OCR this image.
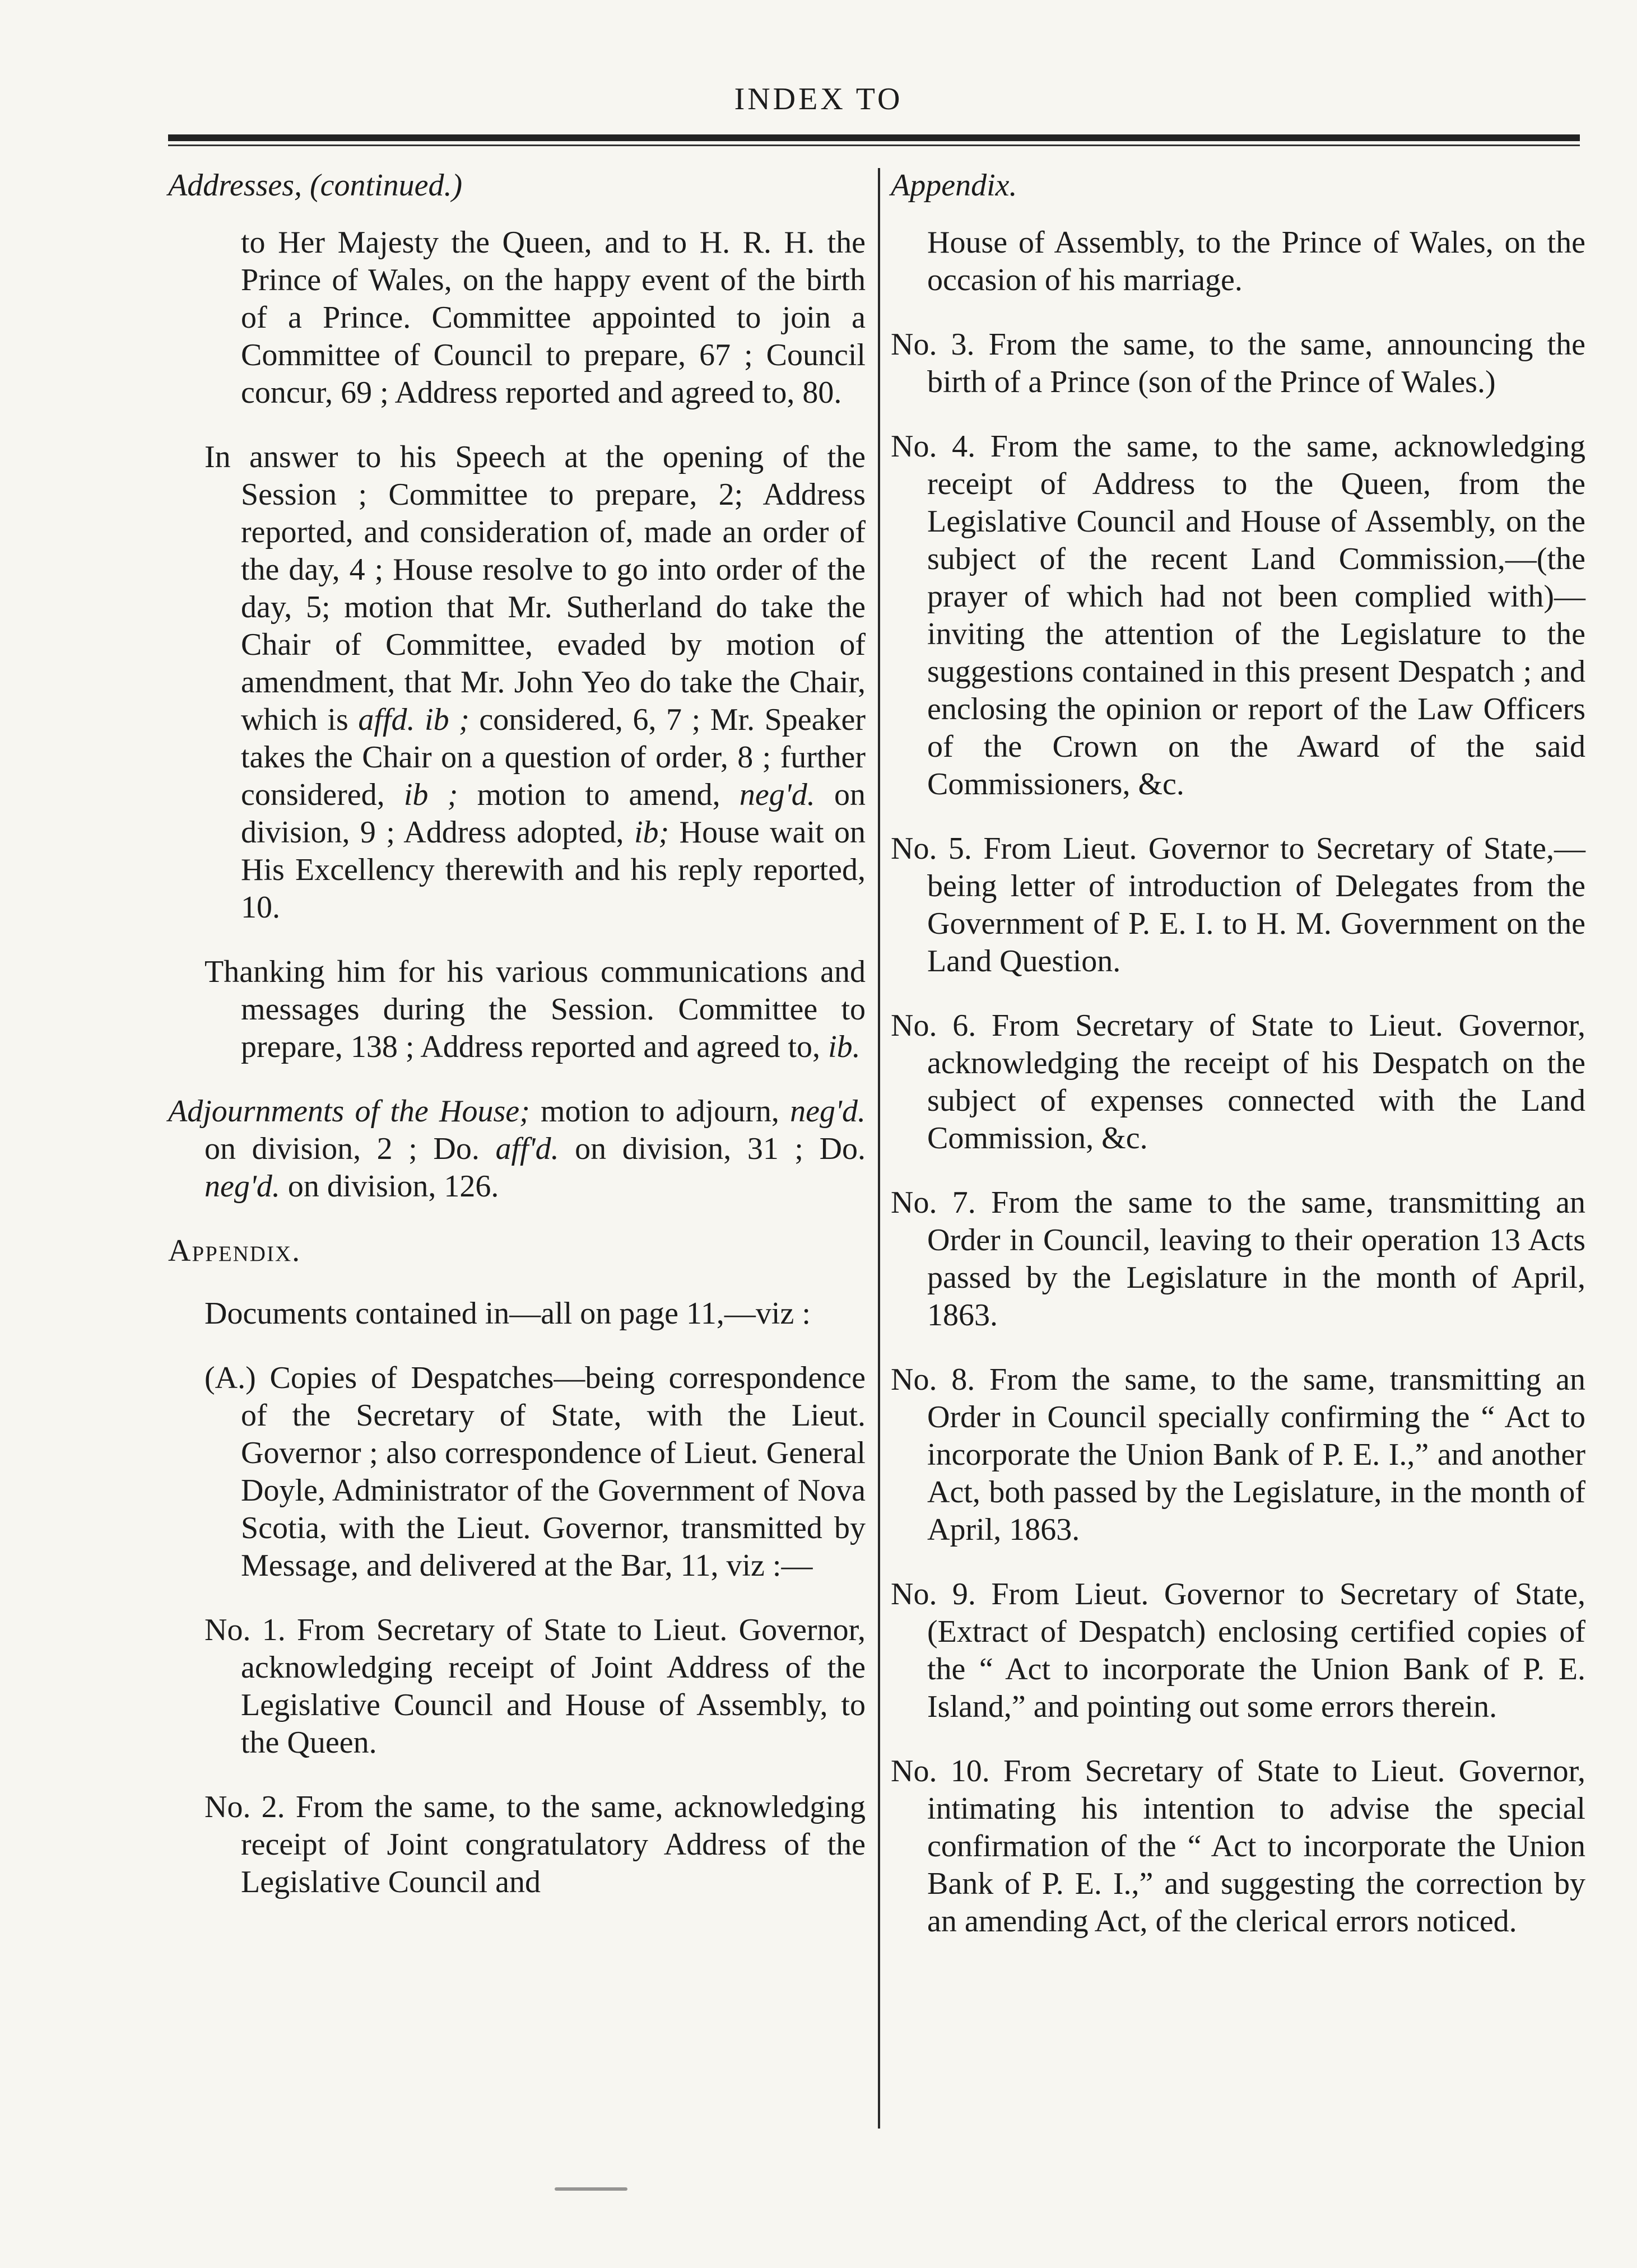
INDEX TO
Addresses, (continued.)

to Her Majesty the Queen, and to H. R. H. the Prince of Wales, on the happy event of the birth of a Prince. Committee appointed to join a Committee of Council to prepare, 67 ; Council concur, 69 ; Address reported and agreed to, 80.

In answer to his Speech at the opening of the Session ; Committee to prepare, 2; Address reported, and consideration of, made an order of the day, 4 ; House resolve to go into order of the day, 5; motion that Mr. Sutherland do take the Chair of Committee, evaded by motion of amendment, that Mr. John Yeo do take the Chair, which is affd. ib ; considered, 6, 7 ; Mr. Speaker takes the Chair on a question of order, 8 ; further considered, ib ; motion to amend, neg'd. on division, 9 ; Address adopted, ib; House wait on His Excellency therewith and his reply reported, 10.

Thanking him for his various communications and messages during the Session. Committee to prepare, 138 ; Address reported and agreed to, ib.

Adjournments of the House; motion to adjourn, neg'd. on division, 2 ; Do. aff'd. on division, 31 ; Do. neg'd. on division, 126.

Appendix.

Documents contained in—all on page 11,—viz :

(A.) Copies of Despatches—being correspondence of the Secretary of State, with the Lieut. Governor ; also correspondence of Lieut. General Doyle, Administrator of the Government of Nova Scotia, with the Lieut. Governor, transmitted by Message, and delivered at the Bar, 11, viz :—

No. 1. From Secretary of State to Lieut. Governor, acknowledging receipt of Joint Address of the Legislative Council and House of Assembly, to the Queen.

No. 2. From the same, to the same, acknowledging receipt of Joint congratulatory Address of the Legislative Council and

Appendix.

House of Assembly, to the Prince of Wales, on the occasion of his marriage.

No. 3. From the same, to the same, announcing the birth of a Prince (son of the Prince of Wales.)

No. 4. From the same, to the same, acknowledging receipt of Address to the Queen, from the Legislative Council and House of Assembly, on the subject of the recent Land Commission,—(the prayer of which had not been complied with)—inviting the attention of the Legislature to the suggestions contained in this present Despatch ; and enclosing the opinion or report of the Law Officers of the Crown on the Award of the said Commissioners, &c.

No. 5. From Lieut. Governor to Secretary of State,—being letter of introduction of Delegates from the Government of P. E. I. to H. M. Government on the Land Question.

No. 6. From Secretary of State to Lieut. Governor, acknowledging the receipt of his Despatch on the subject of expenses connected with the Land Commission, &c.

No. 7. From the same to the same, transmitting an Order in Council, leaving to their operation 13 Acts passed by the Legislature in the month of April, 1863.

No. 8. From the same, to the same, transmitting an Order in Council specially confirming the “ Act to incorporate the Union Bank of P. E. I.,” and another Act, both passed by the Legislature, in the month of April, 1863.

No. 9. From Lieut. Governor to Secretary of State, (Extract of Despatch) enclosing certified copies of the “ Act to incorporate the Union Bank of P. E. Island,” and pointing out some errors therein.

No. 10. From Secretary of State to Lieut. Governor, intimating his intention to advise the special confirmation of the “ Act to incorporate the Union Bank of P. E. I.,” and suggesting the correction by an amending Act, of the clerical errors noticed.
